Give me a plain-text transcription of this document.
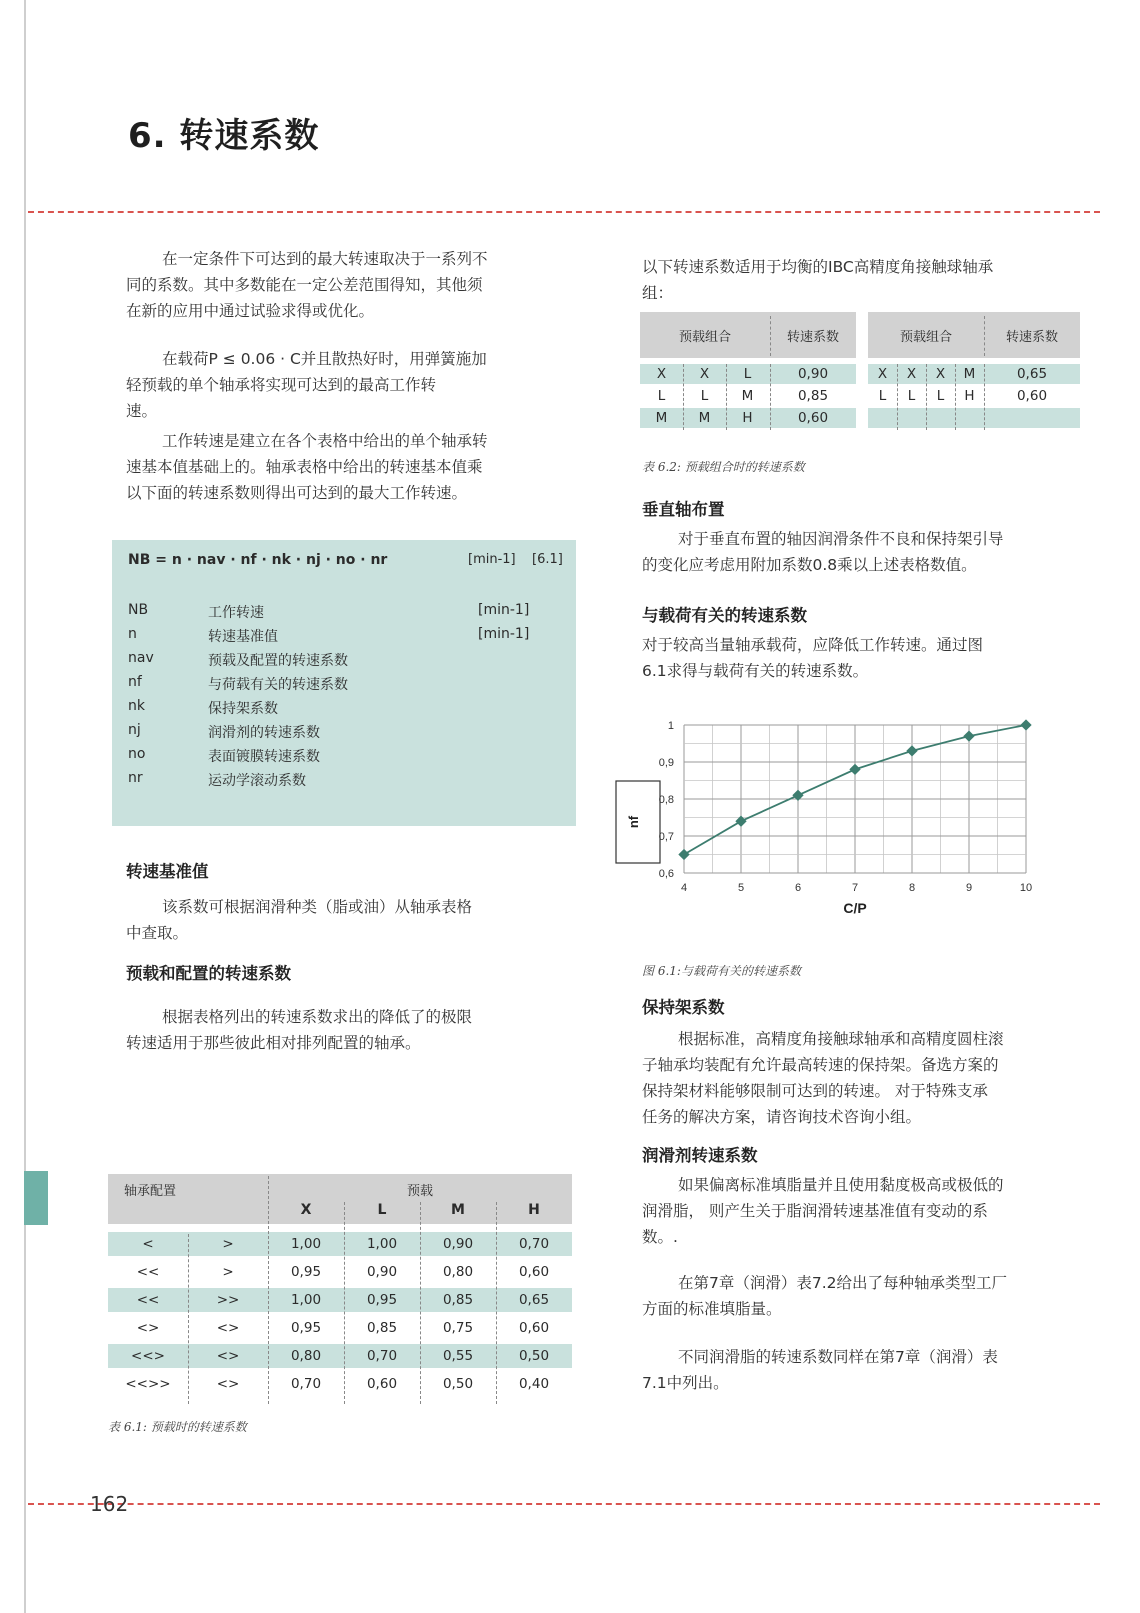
6. 转速系数
在一定条件下可达到的最大转速取决于一系列不
同的系数。其中多数能在一定公差范围得知，其他须
在新的应用中通过试验求得或优化。
在载荷P ≤ 0.06 · C并且散热好时，用弹簧施加
轻预载的单个轴承将实现可达到的最高工作转
速。
工作转速是建立在各个表格中给出的单个轴承转
速基本值基础上的。轴承表格中给出的转速基本值乘
以下面的转速系数则得出可达到的最大工作转速。
NB = n · nav · nf · nk · nj · no · nr	[min-1] [6.1]
NB	工作转速	[min-1]
n	转速基准值	[min-1]
nav	预载及配置的转速系数
nf	与荷载有关的转速系数
nk	保持架系数
nj	润滑剂的转速系数
no	表面镀膜转速系数
nr	运动学滚动系数
转速基准值
该系数可根据润滑种类（脂或油）从轴承表格
中查取。
预载和配置的转速系数
根据表格列出的转速系数求出的降低了的极限
转速适用于那些彼此相对排列配置的轴承。
轴承配置	预载
X	L	M	H
<	>	1,00	1,00	0,90	0,70
<<	>	0,95	0,90	0,80	0,60
<<	>>	1,00	0,95	0,85	0,65
<>	<>	0,95	0,85	0,75	0,60
<<>	<>	0,80	0,70	0,55	0,50
<<>>	<>	0,70	0,60	0,50	0,40
表 6.1: 预载时的转速系数
以下转速系数适用于均衡的IBC高精度角接触球轴承
组：
预载组合	转速系数	预载组合	转速系数
X	X	L	0,90	X	X	X	M	0,65
L	L	M	0,85	L	L	L	H	0,60
M	M	H	0,60
表 6.2: 预载组合时的转速系数
垂直轴布置
对于垂直布置的轴因润滑条件不良和保持架引导
的变化应考虑用附加系数0.8乘以上述表格数值。
与载荷有关的转速系数
对于较高当量轴承载荷，应降低工作转速。通过图
6.1求得与载荷有关的转速系数。
nf
4	5	6	7	8	9	10
0,6
0,7
0,8
0,9
1
C/P
图 6.1:与载荷有关的转速系数
保持架系数
根据标准，高精度角接触球轴承和高精度圆柱滚
子轴承均装配有允许最高转速的保持架。备选方案的
保持架材料能够限制可达到的转速。 对于特殊支承
任务的解决方案，请咨询技术咨询小组。
润滑剂转速系数
如果偏离标准填脂量并且使用黏度极高或极低的
润滑脂， 则产生关于脂润滑转速基准值有变动的系
数。.
在第7章（润滑）表7.2给出了每种轴承类型工厂
方面的标准填脂量。
不同润滑脂的转速系数同样在第7章（润滑）表
7.1中列出。
162
